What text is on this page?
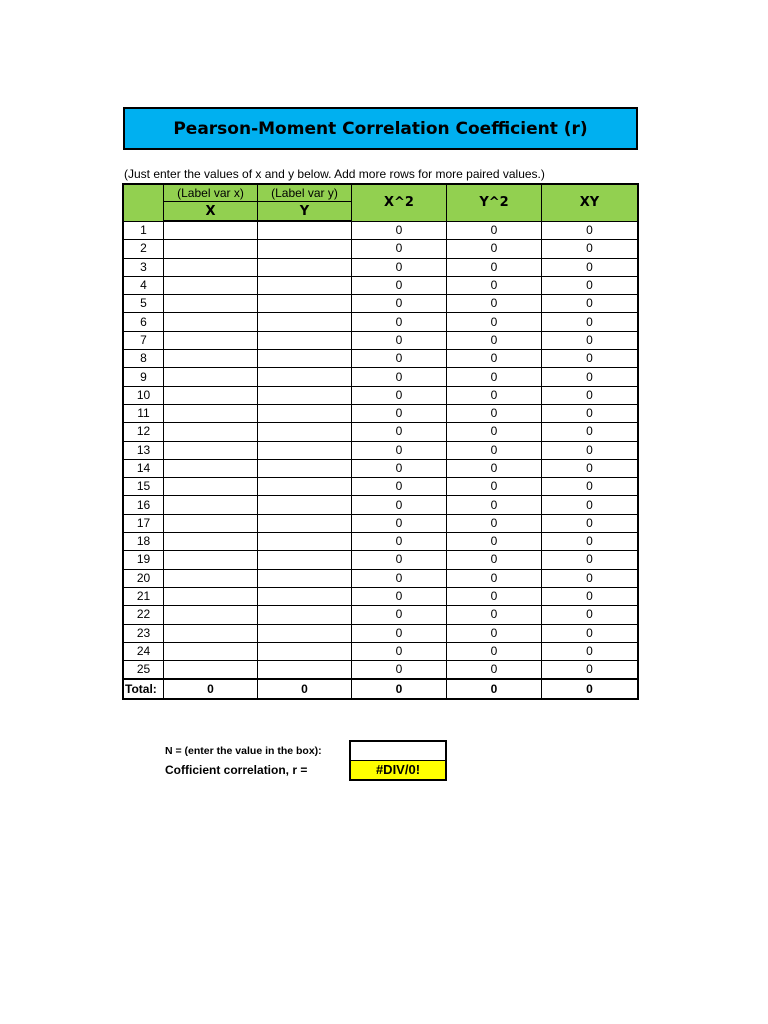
Pearson-Moment Correlation Coefficient (r)
(Just enter the values of x and y below. Add more rows for more paired values.)
	(Label var x)	(Label var y)	X^2	Y^2	XY
	X	Y			
1			0	0	0
2			0	0	0
3			0	0	0
4			0	0	0
5			0	0	0
6			0	0	0
7			0	0	0
8			0	0	0
9			0	0	0
10			0	0	0
11			0	0	0
12			0	0	0
13			0	0	0
14			0	0	0
15			0	0	0
16			0	0	0
17			0	0	0
18			0	0	0
19			0	0	0
20			0	0	0
21			0	0	0
22			0	0	0
23			0	0	0
24			0	0	0
25			0	0	0
Total:	0	0	0	0	0
N = (enter the value in the box):
Cofficient correlation, r =	#DIV/0!
